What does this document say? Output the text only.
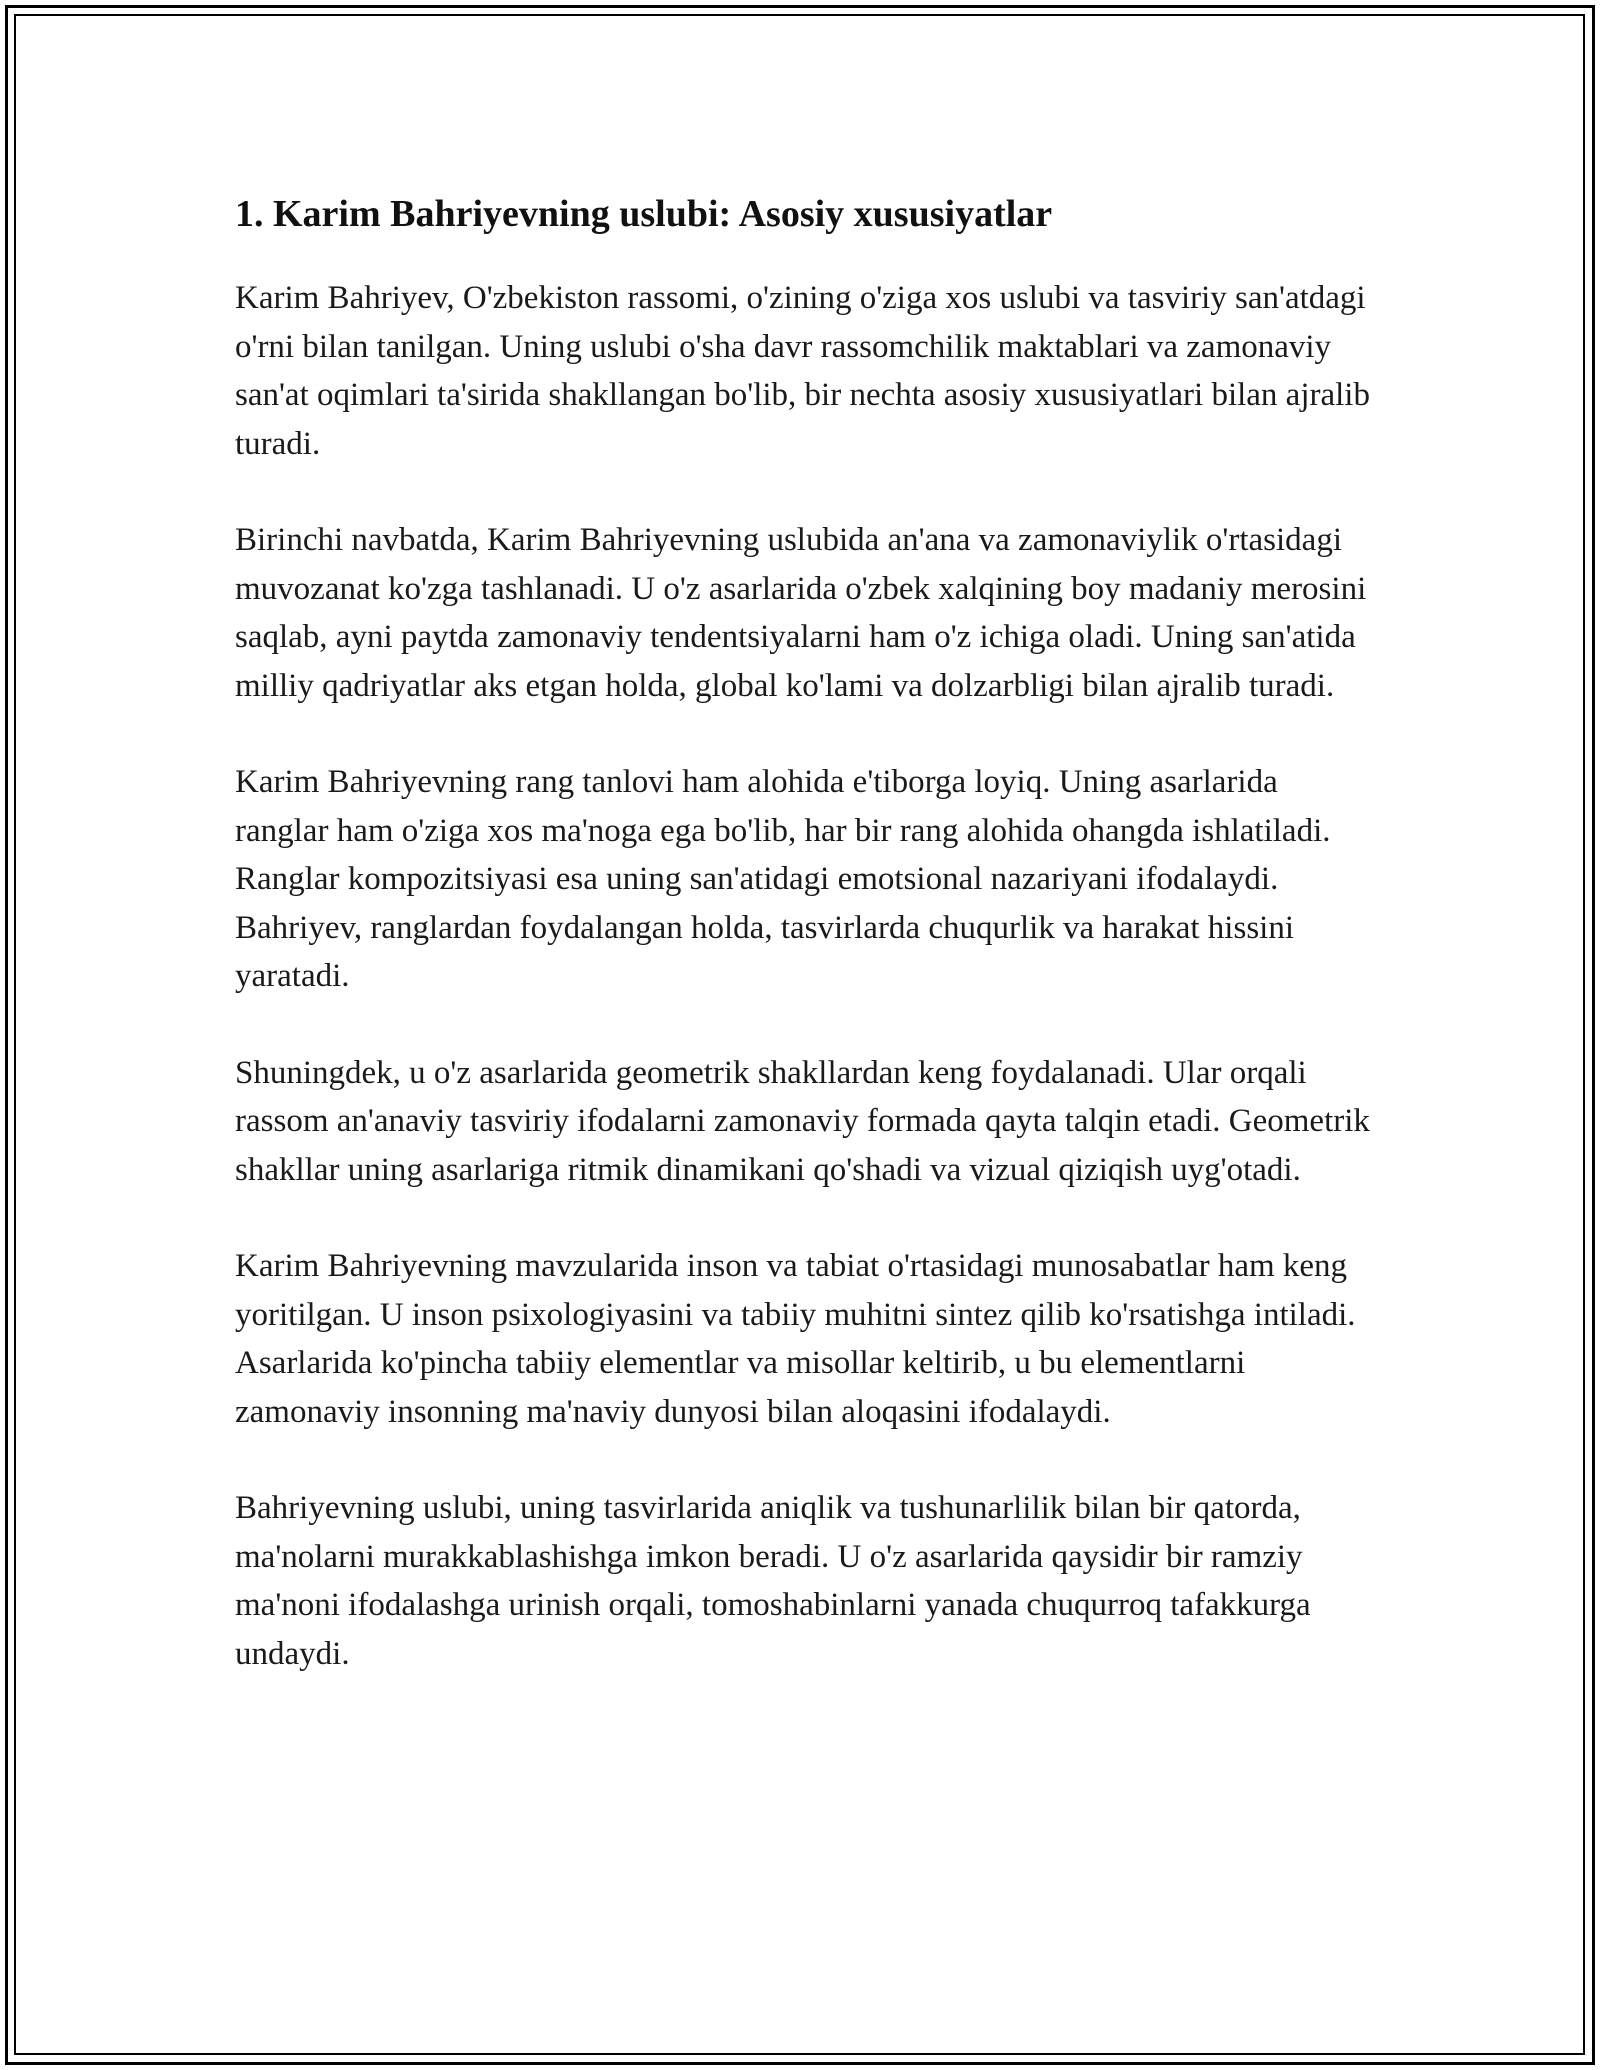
1. Karim Bahriyevning uslubi: Asosiy xususiyatlar

Karim Bahriyev, O'zbekiston rassomi, o'zining o'ziga xos uslubi va tasviriy san'atdagi o'rni bilan tanilgan. Uning uslubi o'sha davr rassomchilik maktablari va zamonaviy san'at oqimlari ta'sirida shakllangan bo'lib, bir nechta asosiy xususiyatlari bilan ajralib turadi.

Birinchi navbatda, Karim Bahriyevning uslubida an'ana va zamonaviylik o'rtasidagi muvozanat ko'zga tashlanadi. U o'z asarlarida o'zbek xalqining boy madaniy merosini saqlab, ayni paytda zamonaviy tendentsiyalarni ham o'z ichiga oladi. Uning san'atida milliy qadriyatlar aks etgan holda, global ko'lami va dolzarbligi bilan ajralib turadi.

Karim Bahriyevning rang tanlovi ham alohida e'tiborga loyiq. Uning asarlarida ranglar ham o'ziga xos ma'noga ega bo'lib, har bir rang alohida ohangda ishlatiladi. Ranglar kompozitsiyasi esa uning san'atidagi emotsional nazariyani ifodalaydi. Bahriyev, ranglardan foydalangan holda, tasvirlarda chuqurlik va harakat hissini yaratadi.

Shuningdek, u o'z asarlarida geometrik shakllardan keng foydalanadi. Ular orqali rassom an'anaviy tasviriy ifodalarni zamonaviy formada qayta talqin etadi. Geometrik shakllar uning asarlariga ritmik dinamikani qo'shadi va vizual qiziqish uyg'otadi.

Karim Bahriyevning mavzularida inson va tabiat o'rtasidagi munosabatlar ham keng yoritilgan. U inson psixologiyasini va tabiiy muhitni sintez qilib ko'rsatishga intiladi. Asarlarida ko'pincha tabiiy elementlar va misollar keltirib, u bu elementlarni zamonaviy insonning ma'naviy dunyosi bilan aloqasini ifodalaydi.

Bahriyevning uslubi, uning tasvirlarida aniqlik va tushunarlilik bilan bir qatorda, ma'nolarni murakkablashishga imkon beradi. U o'z asarlarida qaysidir bir ramziy ma'noni ifodalashga urinish orqali, tomoshabinlarni yanada chuqurroq tafakkurga undaydi.
